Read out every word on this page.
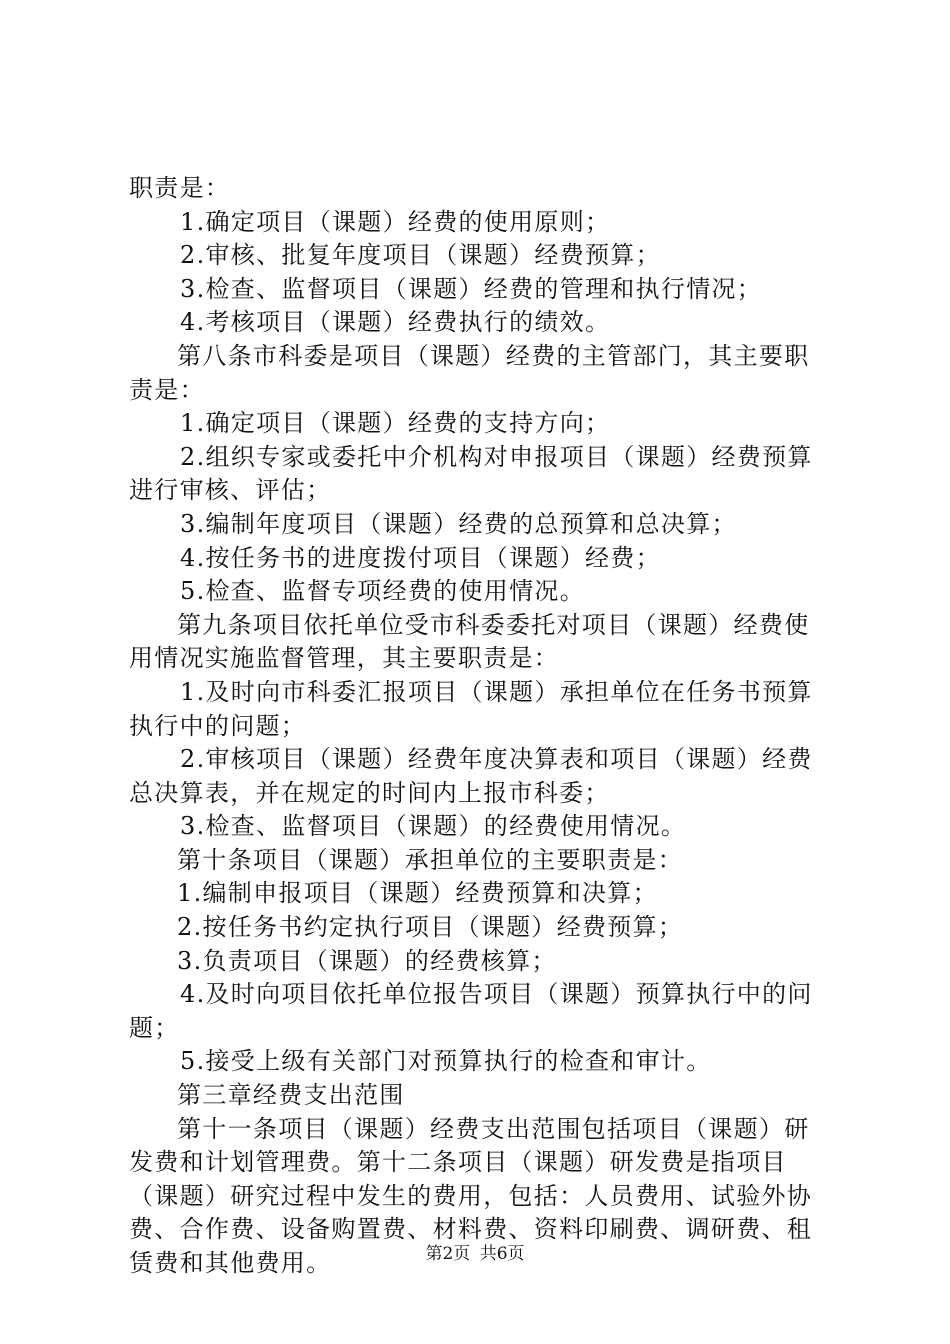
职责是：
1.确定项目（课题）经费的使用原则；
2.审核、批复年度项目（课题）经费预算；
3.检查、监督项目（课题）经费的管理和执行情况；
4.考核项目（课题）经费执行的绩效。
第八条市科委是项目（课题）经费的主管部门，其主要职
责是：
1.确定项目（课题）经费的支持方向；
2.组织专家或委托中介机构对申报项目（课题）经费预算
进行审核、评估；
3.编制年度项目（课题）经费的总预算和总决算；
4.按任务书的进度拨付项目（课题）经费；
5.检查、监督专项经费的使用情况。
第九条项目依托单位受市科委委托对项目（课题）经费使
用情况实施监督管理，其主要职责是：
1.及时向市科委汇报项目（课题）承担单位在任务书预算
执行中的问题；
2.审核项目（课题）经费年度决算表和项目（课题）经费
总决算表，并在规定的时间内上报市科委；
3.检查、监督项目（课题）的经费使用情况。
第十条项目（课题）承担单位的主要职责是：
1.编制申报项目（课题）经费预算和决算；
2.按任务书约定执行项目（课题）经费预算；
3.负责项目（课题）的经费核算；
4.及时向项目依托单位报告项目（课题）预算执行中的问
题；
5.接受上级有关部门对预算执行的检查和审计。
第三章经费支出范围
第十一条项目（课题）经费支出范围包括项目（课题）研
发费和计划管理费。第十二条项目（课题）研发费是指项目
（课题）研究过程中发生的费用，包括：人员费用、试验外协
费、合作费、设备购置费、材料费、资料印刷费、调研费、租
赁费和其他费用。	第2页 共6页
